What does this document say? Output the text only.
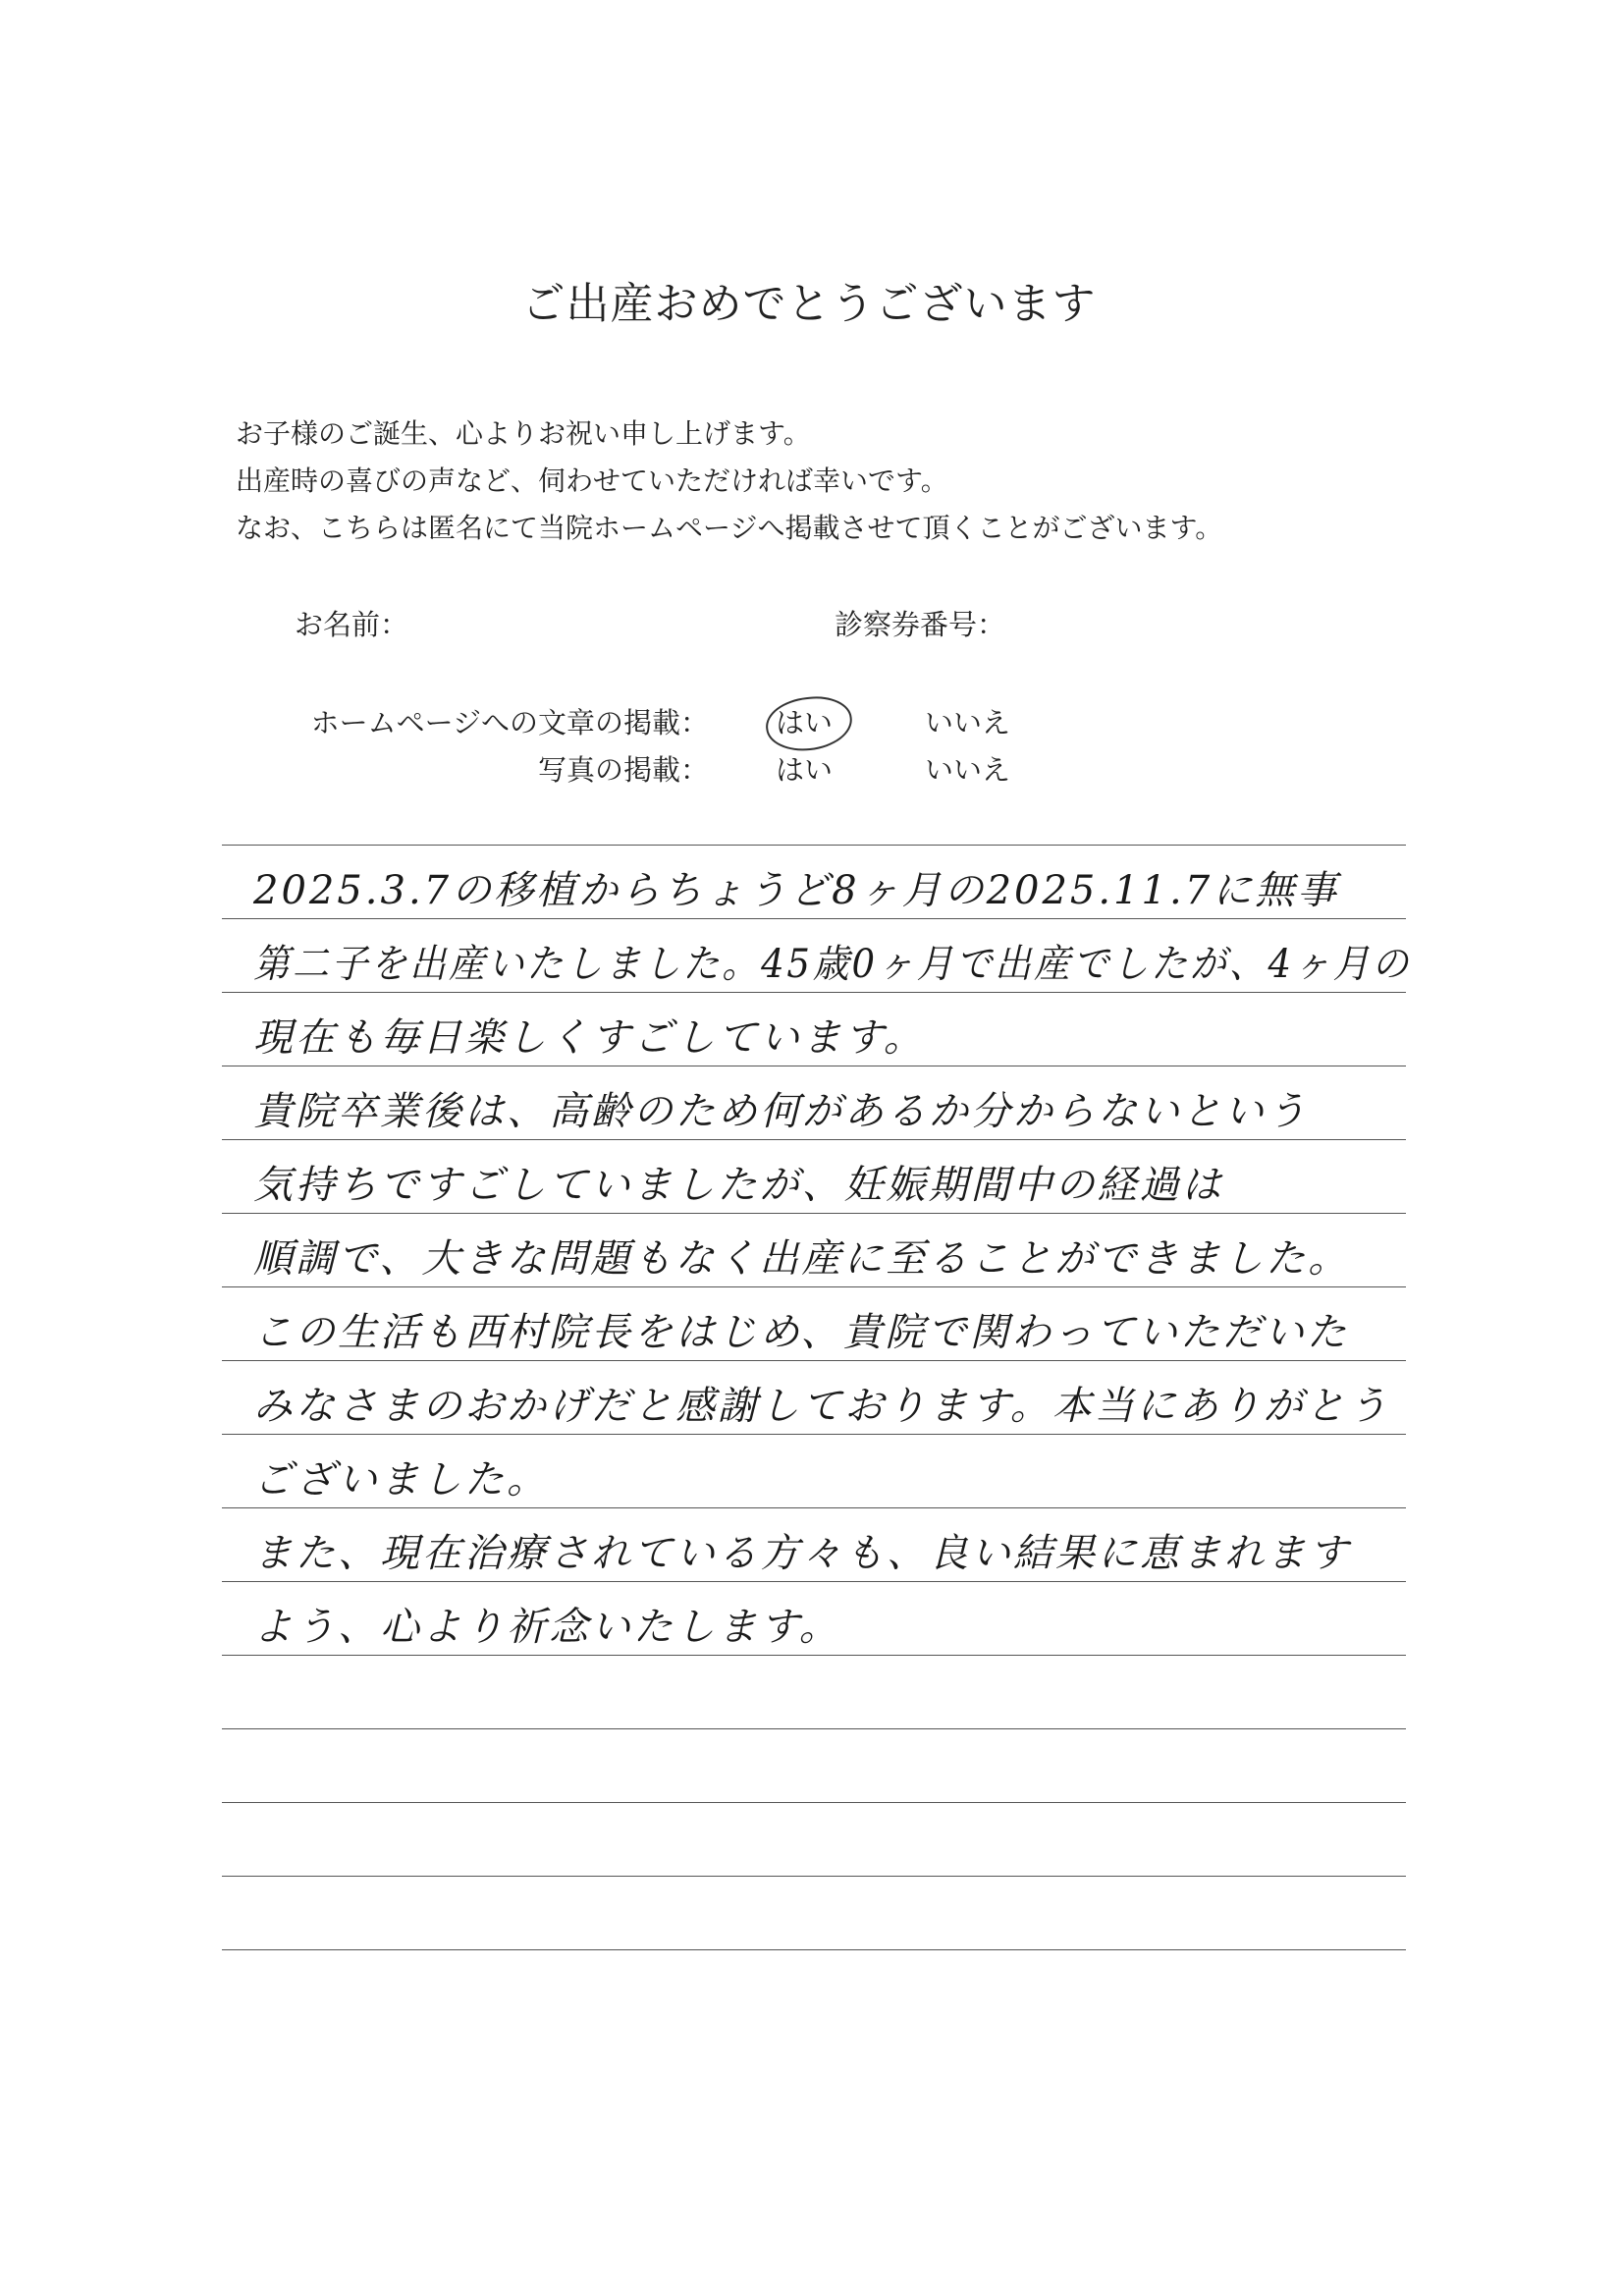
ご出産おめでとうございます
お子様のご誕生、心よりお祝い申し上げます。
出産時の喜びの声など、伺わせていただければ幸いです。
なお、こちらは匿名にて当院ホームページへ掲載させて頂くことがございます。
お名前：	診察券番号：
ホームページへの文章の掲載： はい	いいえ
写真の掲載： はい	いいえ
2025.3.7の移植からちょうど8ヶ月の2025.11.7に無事
第二子を出産いたしました。45歳0ヶ月で出産でしたが、4ヶ月の
現在も毎日楽しくすごしています。
貴院卒業後は、高齢のため何があるか分からないという
気持ちですごしていましたが、妊娠期間中の経過は
順調で、大きな問題もなく出産に至ることができました。
この生活も西村院長をはじめ、貴院で関わっていただいた
みなさまのおかげだと感謝しております。本当にありがとう
ございました。
また、現在治療されている方々も、良い結果に恵まれます
よう、心より祈念いたします。
